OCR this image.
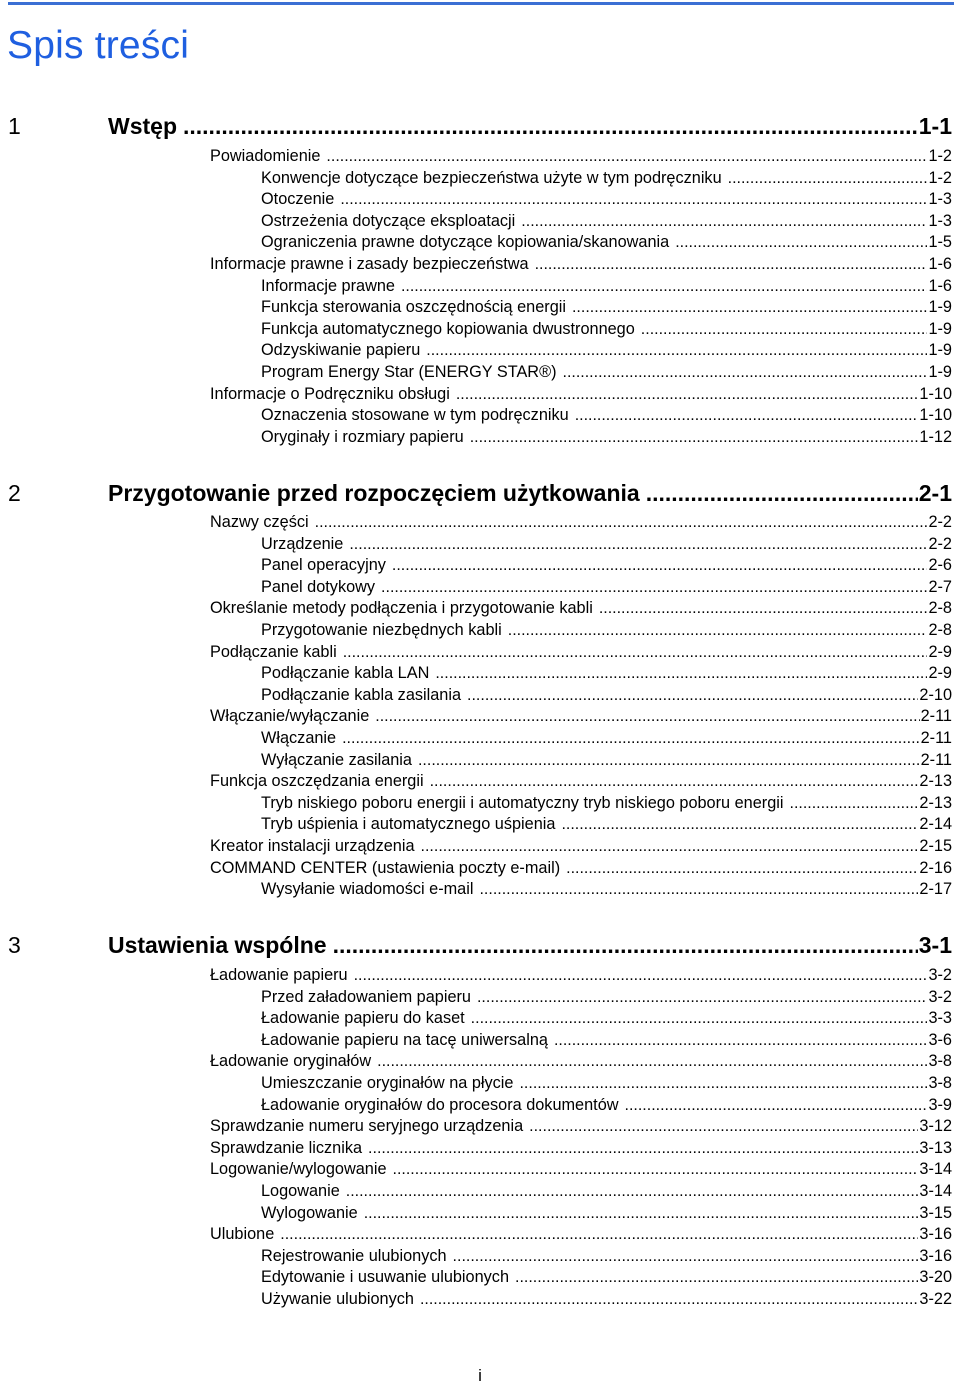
Spis treści
1	Wstęp .....	1-1
Powiadomienie .....	1-2
Konwencje dotyczące bezpieczeństwa użyte w tym podręczniku .....	1-2
Otoczenie .....	1-3
Ostrzeżenia dotyczące eksploatacji .....	1-3
Ograniczenia prawne dotyczące kopiowania/skanowania .....	1-5
Informacje prawne i zasady bezpieczeństwa .....	1-6
Informacje prawne .....	1-6
Funkcja sterowania oszczędnością energii .....	1-9
Funkcja automatycznego kopiowania dwustronnego .....	1-9
Odzyskiwanie papieru .....	1-9
Program Energy Star (ENERGY STAR®) .....	1-9
Informacje o Podręczniku obsługi .....	1-10
Oznaczenia stosowane w tym podręczniku .....	1-10
Oryginały i rozmiary papieru .....	1-12
2	Przygotowanie przed rozpoczęciem użytkowania .....	2-1
Nazwy części .....	2-2
Urządzenie .....	2-2
Panel operacyjny .....	2-6
Panel dotykowy .....	2-7
Określanie metody podłączenia i przygotowanie kabli .....	2-8
Przygotowanie niezbędnych kabli .....	2-8
Podłączanie kabli .....	2-9
Podłączanie kabla LAN .....	2-9
Podłączanie kabla zasilania .....	2-10
Włączanie/wyłączanie .....	2-11
Włączanie .....	2-11
Wyłączanie zasilania .....	2-11
Funkcja oszczędzania energii .....	2-13
Tryb niskiego poboru energii i automatyczny tryb niskiego poboru energii .....	2-13
Tryb uśpienia i automatycznego uśpienia .....	2-14
Kreator instalacji urządzenia .....	2-15
COMMAND CENTER (ustawienia poczty e-mail) .....	2-16
Wysyłanie wiadomości e-mail .....	2-17
3	Ustawienia wspólne .....	3-1
Ładowanie papieru .....	3-2
Przed załadowaniem papieru .....	3-2
Ładowanie papieru do kaset .....	3-3
Ładowanie papieru na tacę uniwersalną .....	3-6
Ładowanie oryginałów .....	3-8
Umieszczanie oryginałów na płycie .....	3-8
Ładowanie oryginałów do procesora dokumentów .....	3-9
Sprawdzanie numeru seryjnego urządzenia .....	3-12
Sprawdzanie licznika .....	3-13
Logowanie/wylogowanie .....	3-14
Logowanie .....	3-14
Wylogowanie .....	3-15
Ulubione .....	3-16
Rejestrowanie ulubionych .....	3-16
Edytowanie i usuwanie ulubionych .....	3-20
Używanie ulubionych .....	3-22
i
